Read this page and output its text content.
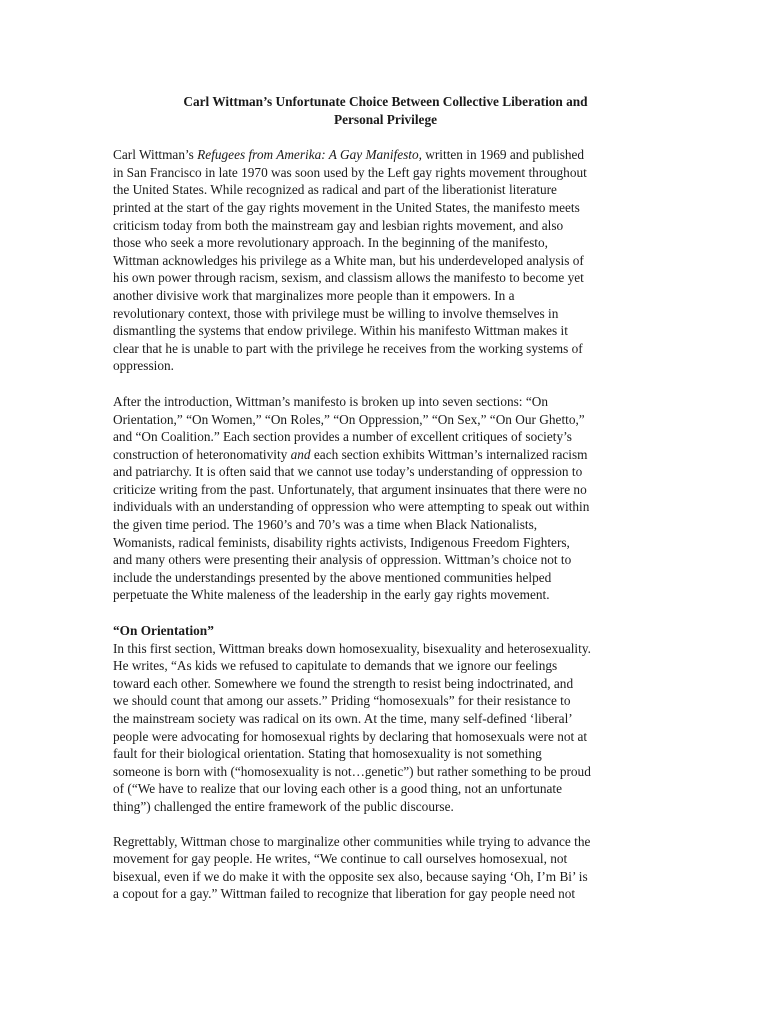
Carl Wittman’s Unfortunate Choice Between Collective Liberation and
Personal Privilege
Carl Wittman’s Refugees from Amerika: A Gay Manifesto, written in 1969 and published
in San Francisco in late 1970 was soon used by the Left gay rights movement throughout
the United States. While recognized as radical and part of the liberationist literature
printed at the start of the gay rights movement in the United States, the manifesto meets
criticism today from both the mainstream gay and lesbian rights movement, and also
those who seek a more revolutionary approach. In the beginning of the manifesto,
Wittman acknowledges his privilege as a White man, but his underdeveloped analysis of
his own power through racism, sexism, and classism allows the manifesto to become yet
another divisive work that marginalizes more people than it empowers. In a
revolutionary context, those with privilege must be willing to involve themselves in
dismantling the systems that endow privilege. Within his manifesto Wittman makes it
clear that he is unable to part with the privilege he receives from the working systems of
oppression.
After the introduction, Wittman’s manifesto is broken up into seven sections: “On
Orientation,” “On Women,” “On Roles,” “On Oppression,” “On Sex,” “On Our Ghetto,”
and “On Coalition.” Each section provides a number of excellent critiques of society’s
construction of heteronomativity and each section exhibits Wittman’s internalized racism
and patriarchy. It is often said that we cannot use today’s understanding of oppression to
criticize writing from the past. Unfortunately, that argument insinuates that there were no
individuals with an understanding of oppression who were attempting to speak out within
the given time period. The 1960’s and 70’s was a time when Black Nationalists,
Womanists, radical feminists, disability rights activists, Indigenous Freedom Fighters,
and many others were presenting their analysis of oppression. Wittman’s choice not to
include the understandings presented by the above mentioned communities helped
perpetuate the White maleness of the leadership in the early gay rights movement.
“On Orientation”
In this first section, Wittman breaks down homosexuality, bisexuality and heterosexuality.
He writes, “As kids we refused to capitulate to demands that we ignore our feelings
toward each other. Somewhere we found the strength to resist being indoctrinated, and
we should count that among our assets.” Priding “homosexuals” for their resistance to
the mainstream society was radical on its own. At the time, many self-defined ‘liberal’
people were advocating for homosexual rights by declaring that homosexuals were not at
fault for their biological orientation. Stating that homosexuality is not something
someone is born with (“homosexuality is not…genetic”) but rather something to be proud
of (“We have to realize that our loving each other is a good thing, not an unfortunate
thing”) challenged the entire framework of the public discourse.
Regrettably, Wittman chose to marginalize other communities while trying to advance the
movement for gay people. He writes, “We continue to call ourselves homosexual, not
bisexual, even if we do make it with the opposite sex also, because saying ‘Oh, I’m Bi’ is
a copout for a gay.” Wittman failed to recognize that liberation for gay people need not
